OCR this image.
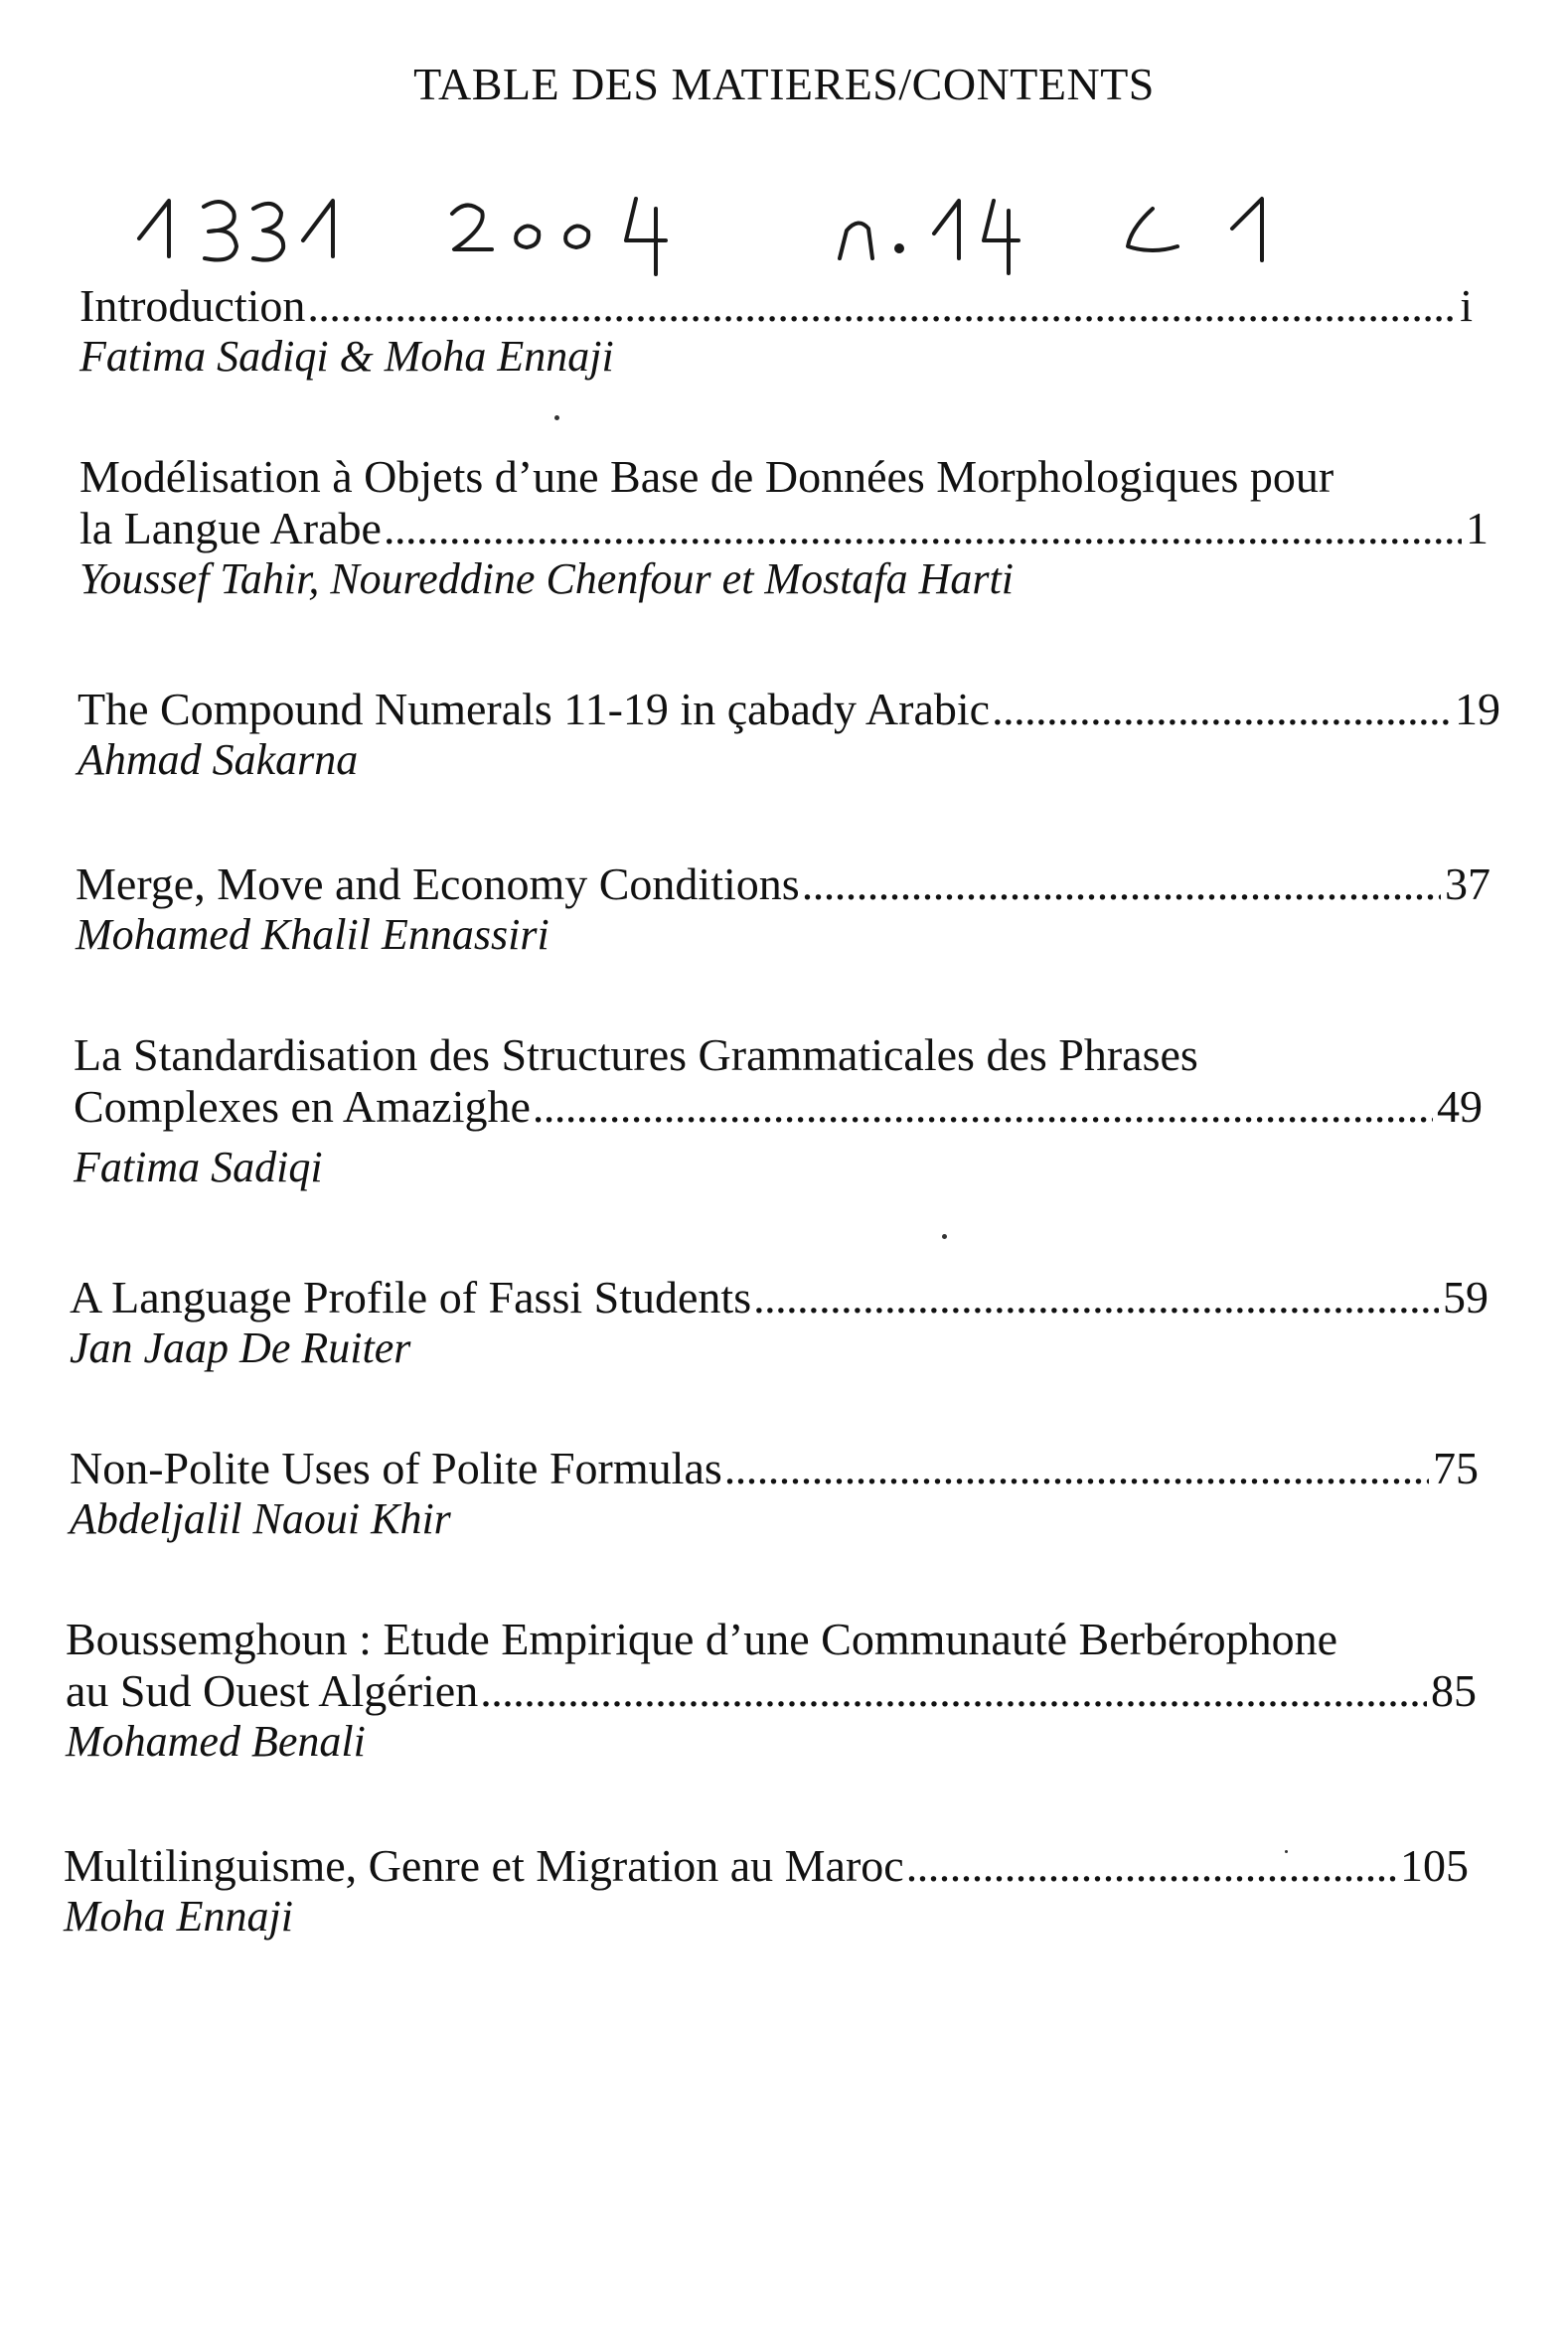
TABLE DES MATIERES/CONTENTS
Introduction . . .	i
Fatima Sadiqi & Moha Ennaji
Modélisation à Objets d’une Base de Données Morphologiques pour
la Langue Arabe . . .	1
Youssef Tahir, Noureddine Chenfour et Mostafa Harti
The Compound Numerals 11-19 in çabady Arabic . . .	19
Ahmad Sakarna
Merge, Move and Economy Conditions . . .	37
Mohamed Khalil Ennassiri
La Standardisation des Structures Grammaticales des Phrases
Complexes en Amazighe . . .	49
Fatima Sadiqi
A Language Profile of Fassi Students . . .	59
Jan Jaap De Ruiter
Non-Polite Uses of Polite Formulas . . .	75
Abdeljalil Naoui Khir
Boussemghoun : Etude Empirique d’une Communauté Berbérophone
au Sud Ouest Algérien . . .	85
Mohamed Benali
Multilinguisme, Genre et Migration au Maroc . . .	105
Moha Ennaji
